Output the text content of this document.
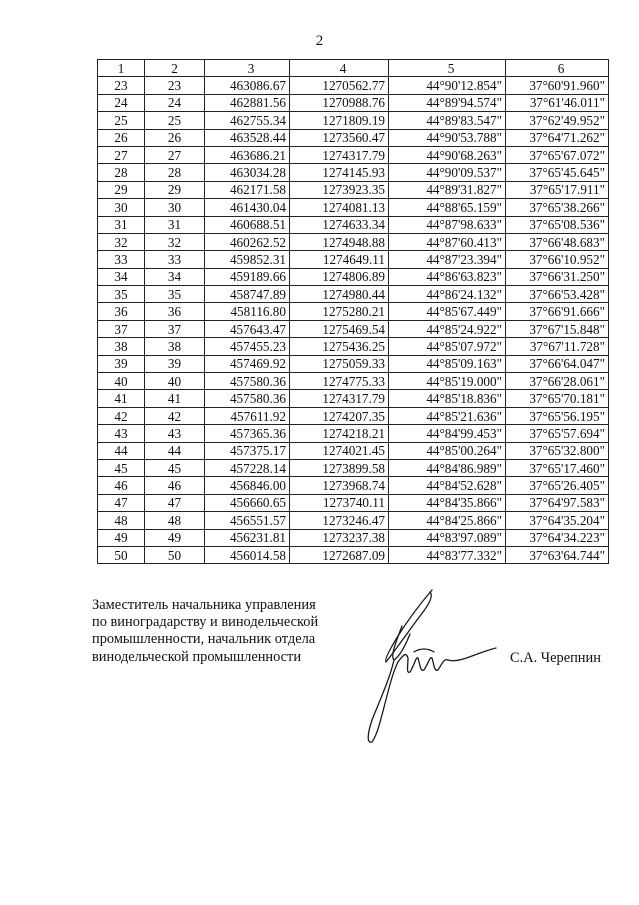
2
1	2	3	4	5	6
23	23	463086.67	1270562.77	44°90'12.854"	37°60'91.960"
24	24	462881.56	1270988.76	44°89'94.574"	37°61'46.011"
25	25	462755.34	1271809.19	44°89'83.547"	37°62'49.952"
26	26	463528.44	1273560.47	44°90'53.788"	37°64'71.262"
27	27	463686.21	1274317.79	44°90'68.263"	37°65'67.072"
28	28	463034.28	1274145.93	44°90'09.537"	37°65'45.645"
29	29	462171.58	1273923.35	44°89'31.827"	37°65'17.911"
30	30	461430.04	1274081.13	44°88'65.159"	37°65'38.266"
31	31	460688.51	1274633.34	44°87'98.633"	37°65'08.536"
32	32	460262.52	1274948.88	44°87'60.413"	37°66'48.683"
33	33	459852.31	1274649.11	44°87'23.394"	37°66'10.952"
34	34	459189.66	1274806.89	44°86'63.823"	37°66'31.250"
35	35	458747.89	1274980.44	44°86'24.132"	37°66'53.428"
36	36	458116.80	1275280.21	44°85'67.449"	37°66'91.666"
37	37	457643.47	1275469.54	44°85'24.922"	37°67'15.848"
38	38	457455.23	1275436.25	44°85'07.972"	37°67'11.728"
39	39	457469.92	1275059.33	44°85'09.163"	37°66'64.047"
40	40	457580.36	1274775.33	44°85'19.000"	37°66'28.061"
41	41	457580.36	1274317.79	44°85'18.836"	37°65'70.181"
42	42	457611.92	1274207.35	44°85'21.636"	37°65'56.195"
43	43	457365.36	1274218.21	44°84'99.453"	37°65'57.694"
44	44	457375.17	1274021.45	44°85'00.264"	37°65'32.800"
45	45	457228.14	1273899.58	44°84'86.989"	37°65'17.460"
46	46	456846.00	1273968.74	44°84'52.628"	37°65'26.405"
47	47	456660.65	1273740.11	44°84'35.866"	37°64'97.583"
48	48	456551.57	1273246.47	44°84'25.866"	37°64'35.204"
49	49	456231.81	1273237.38	44°83'97.089"	37°64'34.223"
50	50	456014.58	1272687.09	44°83'77.332"	37°63'64.744"
Заместитель начальника управления
по виноградарству и винодельческой
промышленности, начальник отдела
винодельческой промышленности	С.А. Черепнин
